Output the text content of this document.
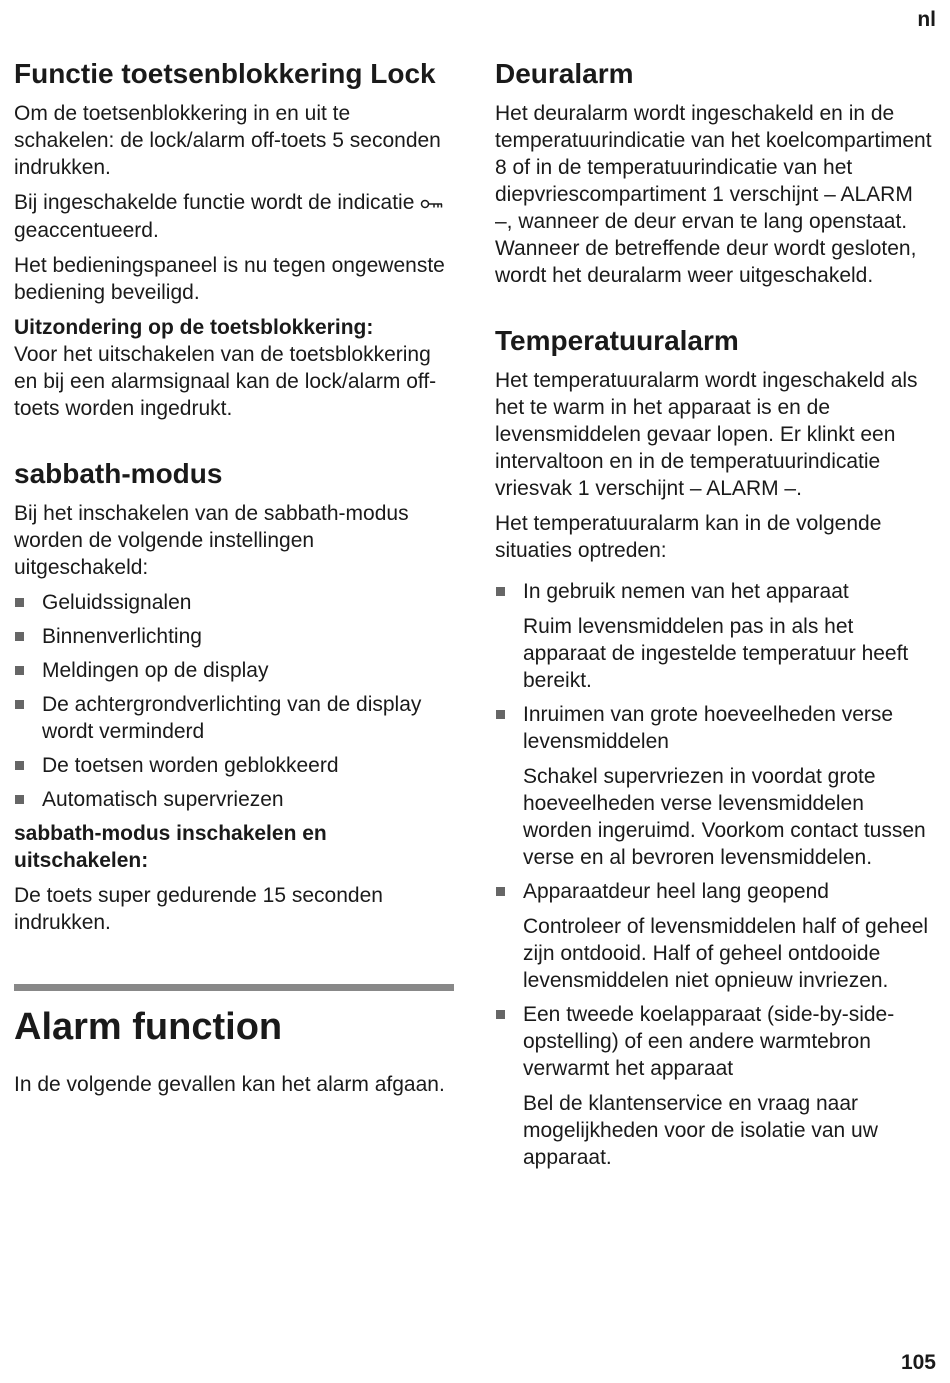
nl
Functie toetsenblokkering Lock

Om de toetsenblokkering in en uit te schakelen: de lock/alarm off-toets 5 seconden indrukken.

Bij ingeschakelde functie wordt de indicatie  geaccentueerd.

Het bedieningspaneel is nu tegen ongewenste bediening beveiligd.

Uitzondering op de toetsblokkering:

Voor het uitschakelen van de toetsblokkering en bij een alarmsignaal kan de lock/alarm off-toets worden ingedrukt.

sabbath-modus

Bij het inschakelen van de sabbath-modus worden de volgende instellingen uitgeschakeld:

Geluidssignalen
Binnenverlichting
Meldingen op de display
De achtergrondverlichting van de display wordt verminderd
De toetsen worden geblokkeerd
Automatisch supervriezen
sabbath-modus inschakelen en uitschakelen:

De toets super gedurende 15 seconden indrukken.

Alarm function

In de volgende gevallen kan het alarm afgaan.

Deuralarm

Het deuralarm wordt ingeschakeld en in de temperatuurindicatie van het koelcompartiment 8 of in de temperatuurindicatie van het diepvriescompartiment 1 verschijnt – ALARM –, wanneer de deur ervan te lang openstaat. Wanneer de betreffende deur wordt gesloten, wordt het deuralarm weer uitgeschakeld.

Temperatuuralarm

Het temperatuuralarm wordt ingeschakeld als het te warm in het apparaat is en de levensmiddelen gevaar lopen. Er klinkt een intervaltoon en in de temperatuurindicatie vriesvak 1 verschijnt – ALARM –.

Het temperatuuralarm kan in de volgende situaties optreden:

In gebruik nemen van het apparaat
Ruim levensmiddelen pas in als het apparaat de ingestelde temperatuur heeft bereikt.
Inruimen van grote hoeveelheden verse levensmiddelen
Schakel supervriezen in voordat grote hoeveelheden verse levensmiddelen worden ingeruimd. Voorkom contact tussen verse en al bevroren levensmiddelen.
Apparaatdeur heel lang geopend
Controleer of levensmiddelen half of geheel zijn ontdooid. Half of geheel ontdooide levensmiddelen niet opnieuw invriezen.
Een tweede koelapparaat (side-by-side-opstelling) of een andere warmtebron verwarmt het apparaat
Bel de klantenservice en vraag naar mogelijkheden voor de isolatie van uw apparaat.
105
